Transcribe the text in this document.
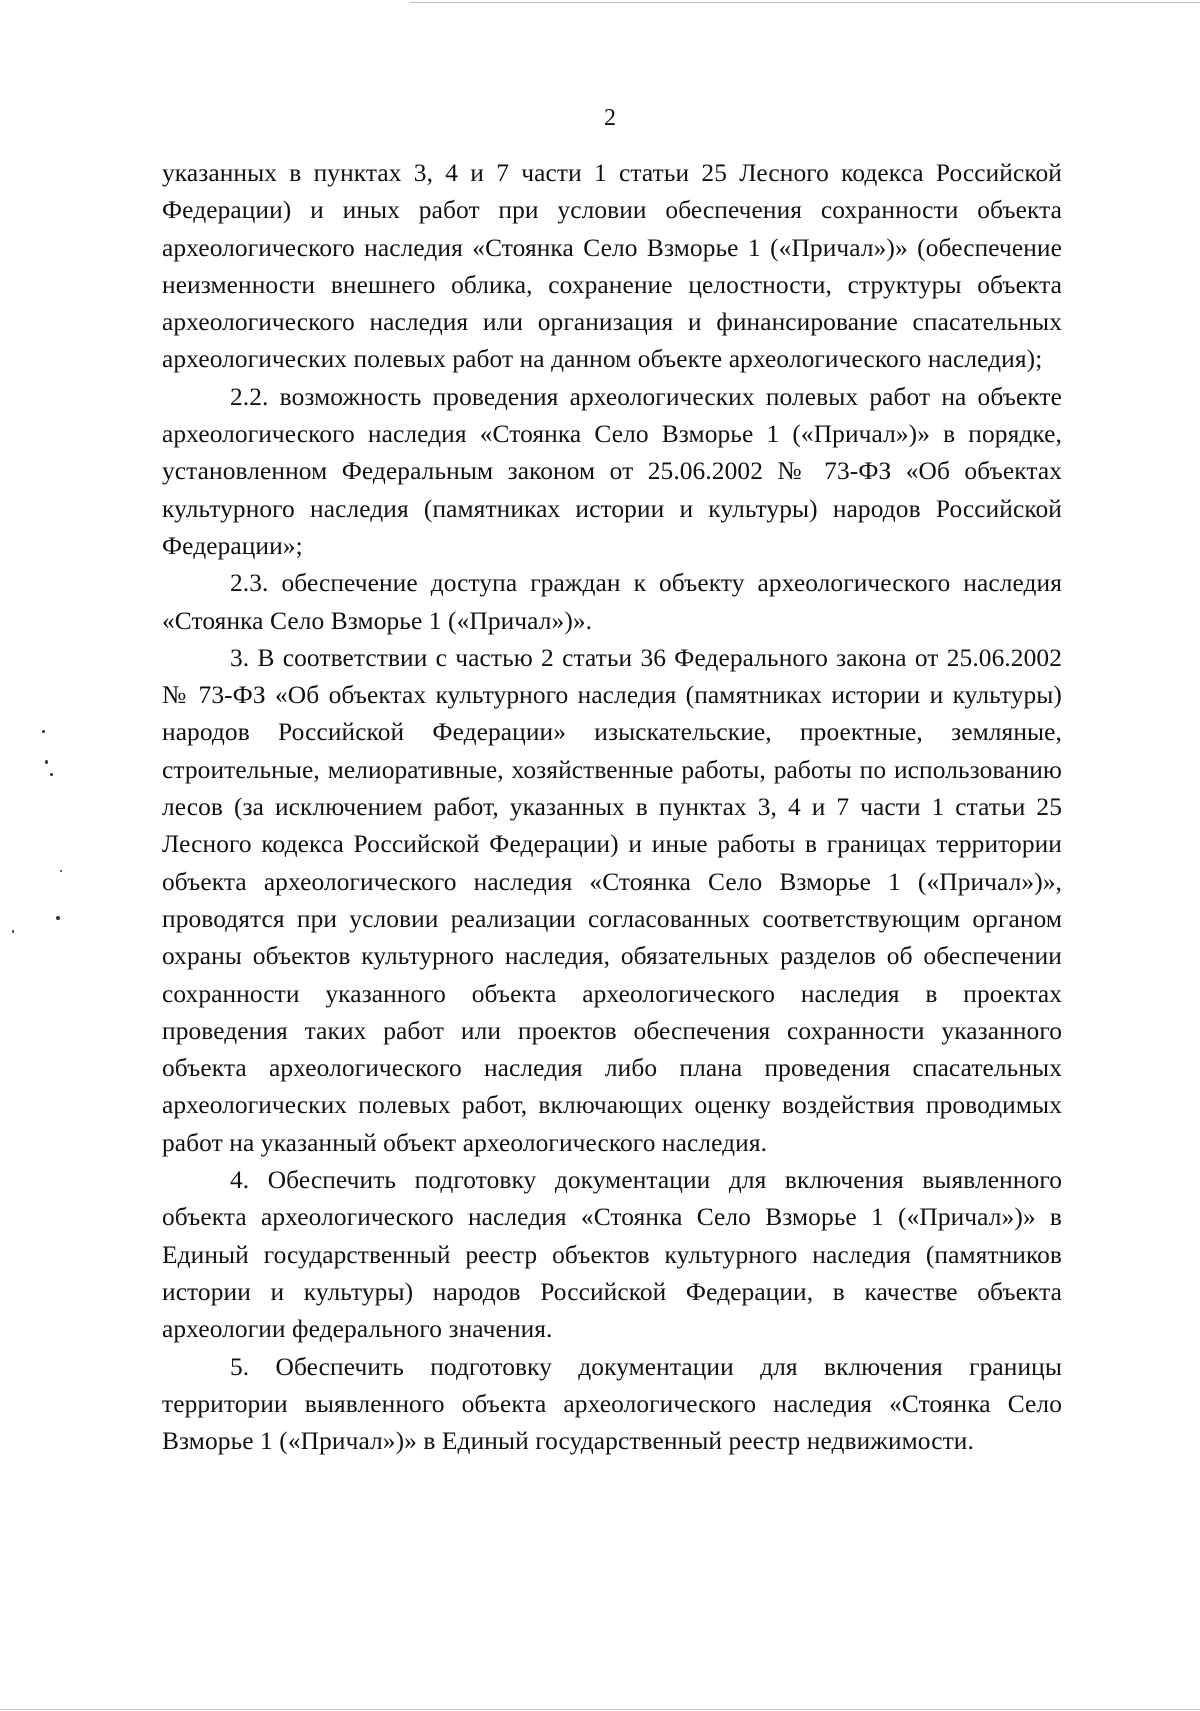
2

указанных в пунктах 3, 4 и 7 части 1 статьи 25 Лесного кодекса Российской Федерации) и иных работ при условии обеспечения сохранности объекта археологического наследия «Стоянка Село Взморье 1 («Причал»)» (обеспечение неизменности внешнего облика, сохранение целостности, структуры объекта археологического наследия или организация и финансирование спасательных археологических полевых работ на данном объекте археологического наследия);

2.2. возможность проведения археологических полевых работ на объекте археологического наследия «Стоянка Село Взморье 1 («Причал»)» в порядке, установленном Федеральным законом от 25.06.2002 № 73-ФЗ «Об объектах культурного наследия (памятниках истории и культуры) народов Российской Федерации»;

2.3. обеспечение доступа граждан к объекту археологического наследия «Стоянка Село Взморье 1 («Причал»)».

3. В соответствии с частью 2 статьи 36 Федерального закона от 25.06.2002 № 73-ФЗ «Об объектах культурного наследия (памятниках истории и культуры) народов Российской Федерации» изыскательские, проектные, земляные, строительные, мелиоративные, хозяйственные работы, работы по использованию лесов (за исключением работ, указанных в пунктах 3, 4 и 7 части 1 статьи 25 Лесного кодекса Российской Федерации) и иные работы в границах территории объекта археологического наследия «Стоянка Село Взморье 1 («Причал»)», проводятся при условии реализации согласованных соответствующим органом охраны объектов культурного наследия, обязательных разделов об обеспечении сохранности указанного объекта археологического наследия в проектах проведения таких работ или проектов обеспечения сохранности указанного объекта археологического наследия либо плана проведения спасательных археологических полевых работ, включающих оценку воздействия проводимых работ на указанный объект археологического наследия.

4. Обеспечить подготовку документации для включения выявленного объекта археологического наследия «Стоянка Село Взморье 1 («Причал»)» в Единый государственный реестр объектов культурного наследия (памятников истории и культуры) народов Российской Федерации, в качестве объекта археологии федерального значения.

5. Обеспечить подготовку документации для включения границы территории выявленного объекта археологического наследия «Стоянка Село Взморье 1 («Причал»)» в Единый государственный реестр недвижимости.
